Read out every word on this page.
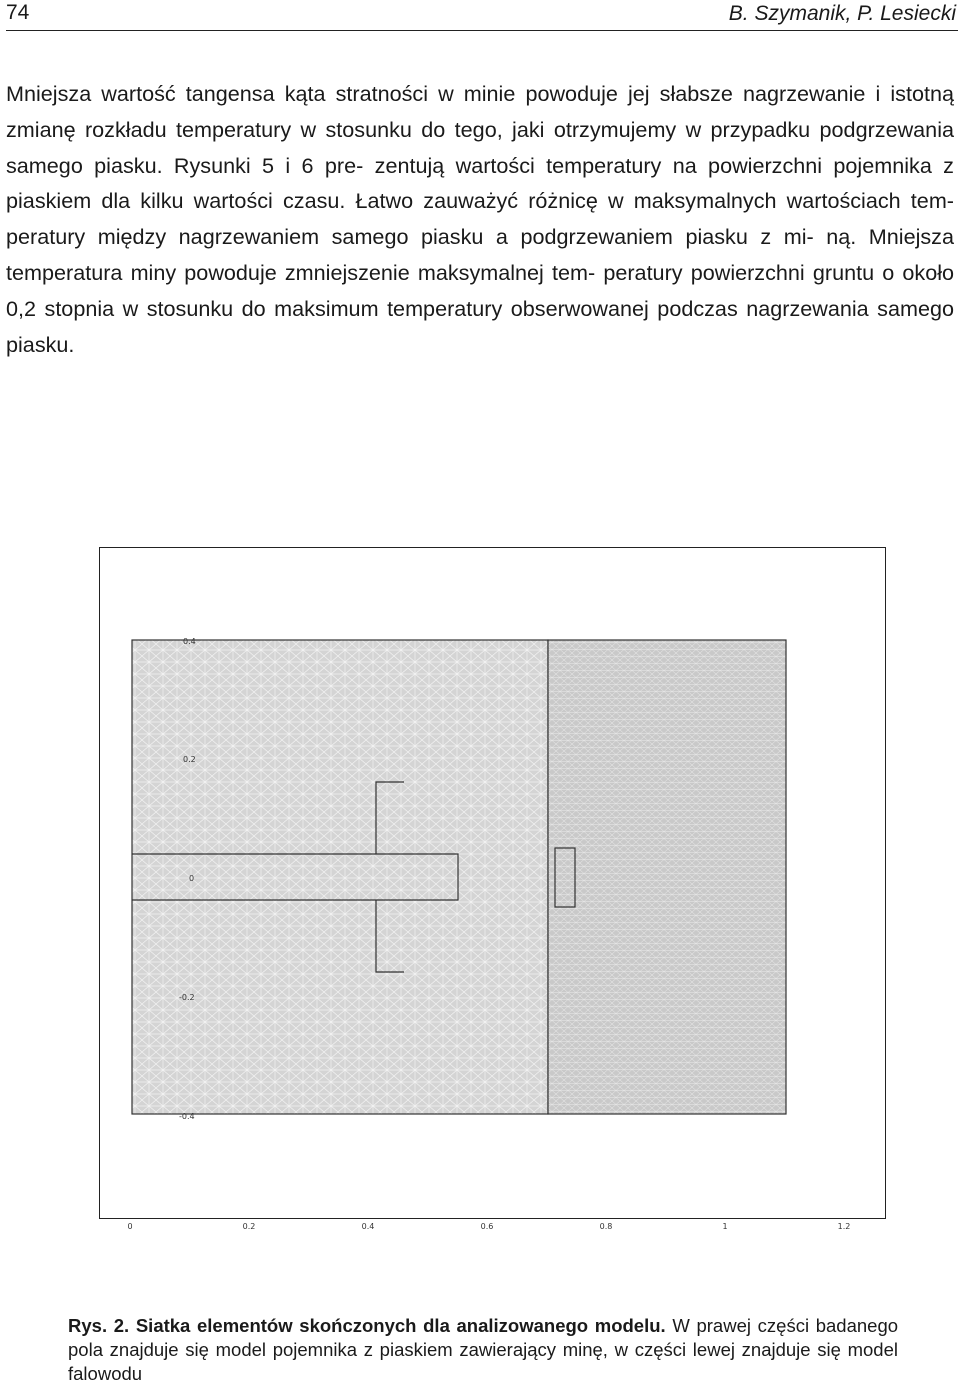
74	B. Szymanik, P. Lesiecki

Mniejsza wartość tangensa kąta stratności w minie powoduje jej słabsze nagrzewanie i istotną zmianę rozkładu temperatury w stosunku do tego, jaki otrzymujemy w przypadku podgrzewania samego piasku. Rysunki 5 i 6 pre- zentują wartości temperatury na powierzchni pojemnika z piaskiem dla kilku wartości czasu. Łatwo zauważyć różnicę w maksymalnych wartościach tem- peratury między nagrzewaniem samego piasku a podgrzewaniem piasku z mi- ną. Mniejsza temperatura miny powoduje zmniejszenie maksymalnej tem- peratury powierzchni gruntu o około 0,2 stopnia w stosunku do maksimum temperatury obserwowanej podczas nagrzewania samego piasku.

0.4
0.2
0
-0.2
-0.4
0	0.2	0.4	0.6	0.8	1	1.2

Rys. 2. Siatka elementów skończonych dla analizowanego modelu. W prawej części badanego pola znajduje się model pojemnika z piaskiem zawierający minę, w części lewej znajduje się model falowodu
